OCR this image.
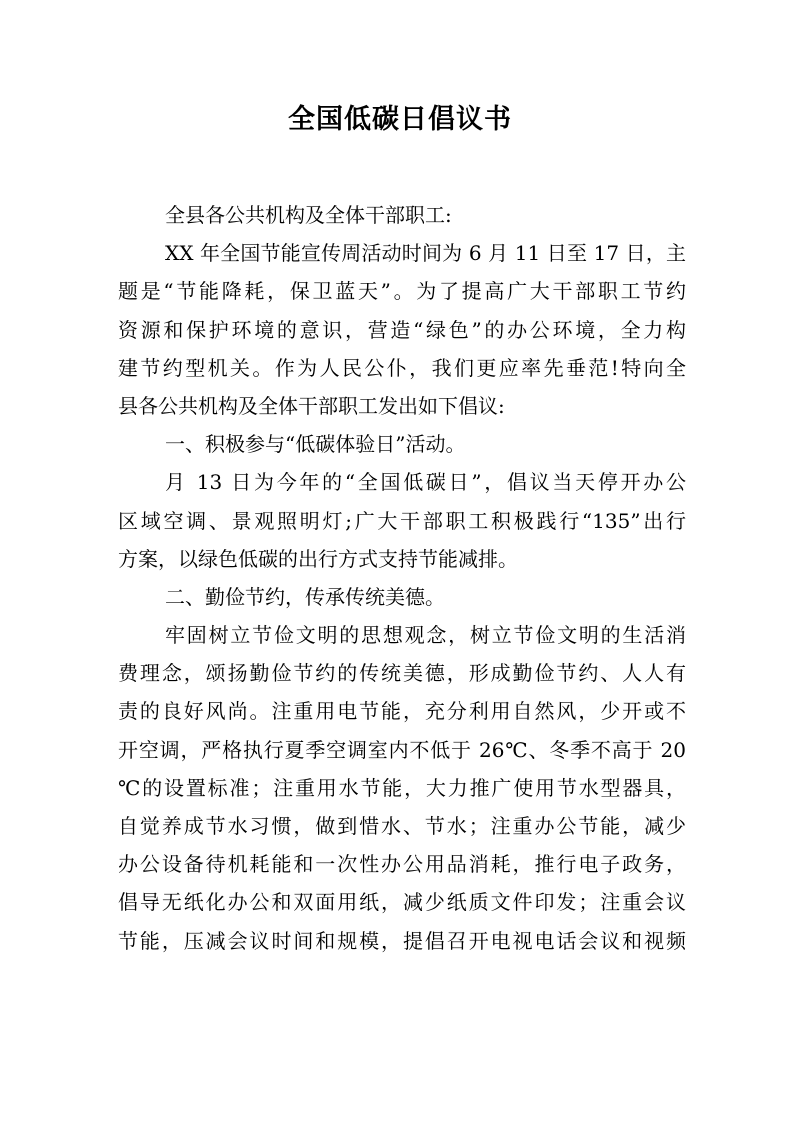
全国低碳日倡议书
全县各公共机构及全体干部职工:
XX 年全国节能宣传周活动时间为 6 月 11 日至 17 日，主
题是“节能降耗，保卫蓝天”。为了提高广大干部职工节约
资源和保护环境的意识，营造“绿色”的办公环境，全力构
建节约型机关。作为人民公仆，我们更应率先垂范!特向全
县各公共机构及全体干部职工发出如下倡议:
一、积极参与“低碳体验日”活动。
月 13 日为今年的“全国低碳日”，倡议当天停开办公
区域空调、景观照明灯;广大干部职工积极践行“135”出行
方案，以绿色低碳的出行方式支持节能减排。
二、勤俭节约，传承传统美德。
牢固树立节俭文明的思想观念，树立节俭文明的生活消
费理念，颂扬勤俭节约的传统美德，形成勤俭节约、人人有
责的良好风尚。注重用电节能，充分利用自然风，少开或不
开空调，严格执行夏季空调室内不低于 26℃、冬季不高于 20
℃的设置标准；注重用水节能，大力推广使用节水型器具，
自觉养成节水习惯，做到惜水、节水；注重办公节能，减少
办公设备待机耗能和一次性办公用品消耗，推行电子政务，
倡导无纸化办公和双面用纸，减少纸质文件印发；注重会议
节能，压减会议时间和规模，提倡召开电视电话会议和视频
